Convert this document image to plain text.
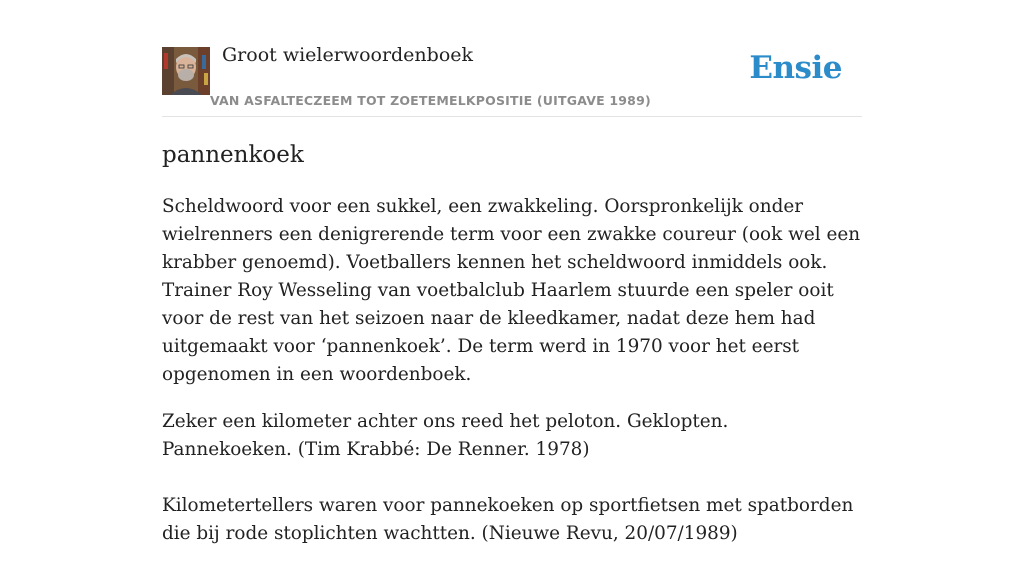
Groot wielerwoordenboek
VAN ASFALTECZEEM TOT ZOETEMELKPOSITIE (UITGAVE 1989)
Ensie
pannenkoek

Scheldwoord voor een sukkel, een zwakkeling. Oorspronkelijk onder wielrenners een denigrerende term voor een zwakke coureur (ook wel een krabber genoemd). Voetballers kennen het scheldwoord inmiddels ook. Trainer Roy Wesseling van voetbalclub Haarlem stuurde een speler ooit voor de rest van het seizoen naar de kleedkamer, nadat deze hem had uitgemaakt voor ‘pannenkoek’. De term werd in 1970 voor het eerst opgenomen in een woordenboek.

Zeker een kilometer achter ons reed het peloton. Geklopten. Pannekoeken. (Tim Krabbé: De Renner. 1978)

Kilometertellers waren voor pannekoeken op sportfietsen met spatborden die bij rode stoplichten wachtten. (Nieuwe Revu, 20/07/1989)
